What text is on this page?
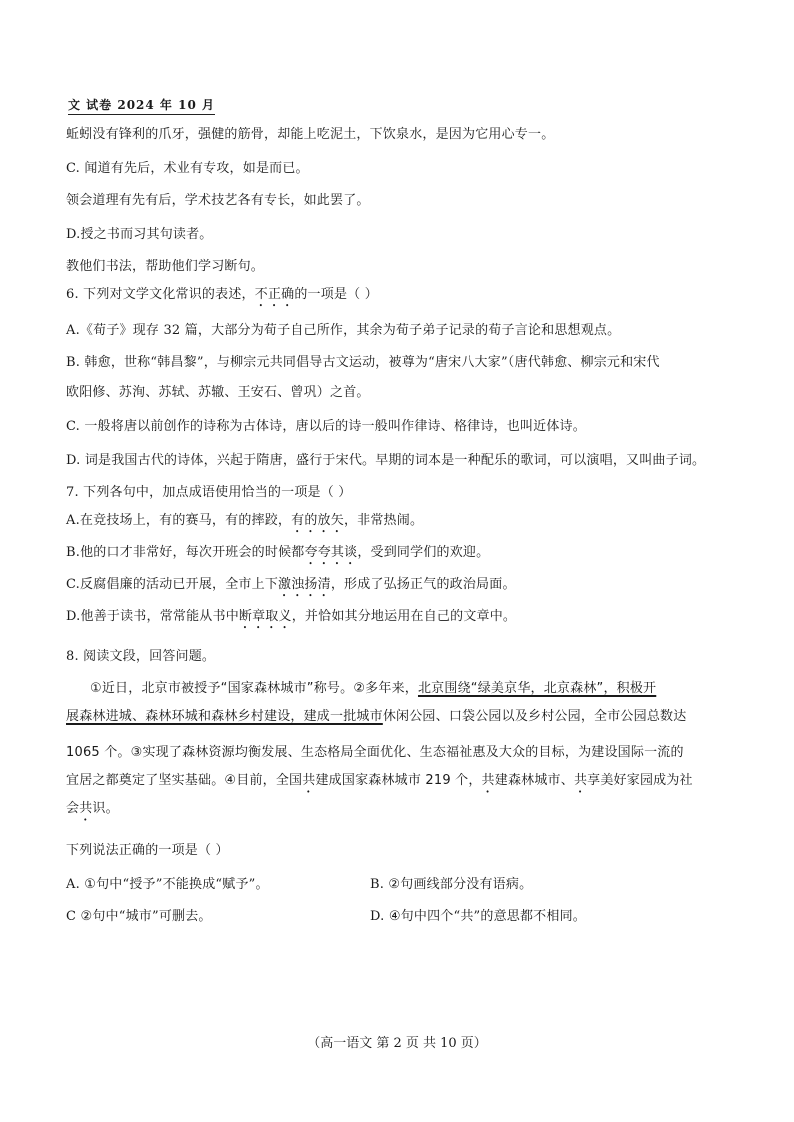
文 试卷 2024 年 10 月
蚯蚓没有锋利的爪牙，强健的筋骨，却能上吃泥土，下饮泉水，是因为它用心专一。
C. 闻道有先后，术业有专攻，如是而已。
领会道理有先有后，学术技艺各有专长，如此罢了。
D.授之书而习其句读者。
教他们书法，帮助他们学习断句。
6. 下列对文学文化常识的表述，不正确的一项是（ ）
A.《荀子》现存 32 篇，大部分为荀子自己所作，其余为荀子弟子记录的荀子言论和思想观点。
B. 韩愈，世称“韩昌黎”，与柳宗元共同倡导古文运动，被尊为“唐宋八大家”（唐代韩愈、柳宗元和宋代
欧阳修、苏洵、苏轼、苏辙、王安石、曾巩）之首。
C. 一般将唐以前创作的诗称为古体诗，唐以后的诗一般叫作律诗、格律诗，也叫近体诗。
D. 词是我国古代的诗体，兴起于隋唐，盛行于宋代。早期的词本是一种配乐的歌词，可以演唱，又叫曲子词。
7. 下列各句中，加点成语使用恰当的一项是（ ）
A.在竞技场上，有的赛马，有的摔跤，有的放矢，非常热闹。
B.他的口才非常好，每次开班会的时候都夸夸其谈，受到同学们的欢迎。
C.反腐倡廉的活动已开展，全市上下激浊扬清，形成了弘扬正气的政治局面。
D.他善于读书，常常能从书中断章取义，并恰如其分地运用在自己的文章中。
8. 阅读文段，回答问题。
①近日，北京市被授予“国家森林城市”称号。②多年来，北京围绕“绿美京华，北京森林”，积极开
展森林进城、森林环城和森林乡村建设，建成一批城市休闲公园、口袋公园以及乡村公园，全市公园总数达
1065 个。③实现了森林资源均衡发展、生态格局全面优化、生态福祉惠及大众的目标，为建设国际一流的
宜居之都奠定了坚实基础。④目前，全国共建成国家森林城市 219 个，共建森林城市、共享美好家园成为社
会共识。
下列说法正确的一项是（ ）
A. ①句中“授予”不能换成“赋予”。	B. ②句画线部分没有语病。
C ②句中“城市”可删去。	D. ④句中四个“共”的意思都不相同。
（高一语文 第 2 页 共 10 页）
